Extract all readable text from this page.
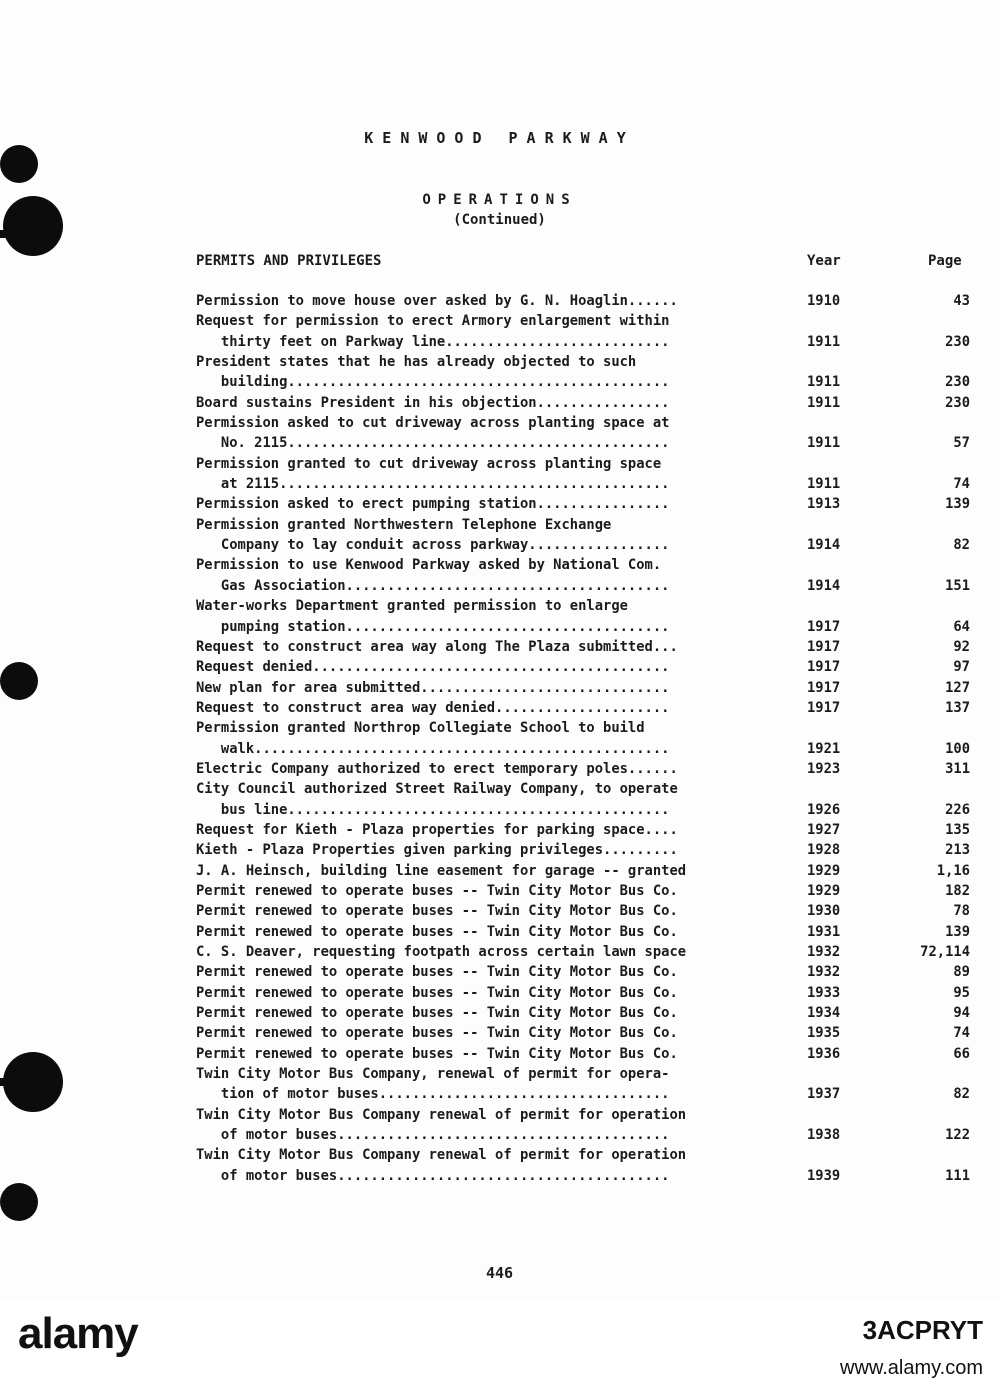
KENWOOD PARKWAY
OPERATIONS
(Continued)
PERMITS AND PRIVILEGES	Year	Page
Permission to move house over asked by G. N. Hoaglin......	1910	43
Request for permission to erect Armory enlargement within
thirty feet on Parkway line...........................	1911	230
President states that he has already objected to such
building..............................................	1911	230
Board sustains President in his objection................	1911	230
Permission asked to cut driveway across planting space at
No. 2115..............................................	1911	57
Permission granted to cut driveway across planting space
at 2115...............................................	1911	74
Permission asked to erect pumping station................	1913	139
Permission granted Northwestern Telephone Exchange
Company to lay conduit across parkway.................	1914	82
Permission to use Kenwood Parkway asked by National Com.
Gas Association.......................................	1914	151
Water-works Department granted permission to enlarge
pumping station.......................................	1917	64
Request to construct area way along The Plaza submitted...	1917	92
Request denied...........................................	1917	97
New plan for area submitted..............................	1917	127
Request to construct area way denied.....................	1917	137
Permission granted Northrop Collegiate School to build
walk..................................................	1921	100
Electric Company authorized to erect temporary poles......	1923	311
City Council authorized Street Railway Company, to operate
bus line..............................................	1926	226
Request for Kieth - Plaza properties for parking space....	1927	135
Kieth - Plaza Properties given parking privileges.........	1928	213
J. A. Heinsch, building line easement for garage -- granted	1929	1,16
Permit renewed to operate buses -- Twin City Motor Bus Co.	1929	182
Permit renewed to operate buses -- Twin City Motor Bus Co.	1930	78
Permit renewed to operate buses -- Twin City Motor Bus Co.	1931	139
C. S. Deaver, requesting footpath across certain lawn space	1932	72,114
Permit renewed to operate buses -- Twin City Motor Bus Co.	1932	89
Permit renewed to operate buses -- Twin City Motor Bus Co.	1933	95
Permit renewed to operate buses -- Twin City Motor Bus Co.	1934	94
Permit renewed to operate buses -- Twin City Motor Bus Co.	1935	74
Permit renewed to operate buses -- Twin City Motor Bus Co.	1936	66
Twin City Motor Bus Company, renewal of permit for opera-
tion of motor buses...................................	1937	82
Twin City Motor Bus Company renewal of permit for operation
of motor buses........................................	1938	122
Twin City Motor Bus Company renewal of permit for operation
of motor buses........................................	1939	111
446
alamy	3ACPRYT
www.alamy.com
